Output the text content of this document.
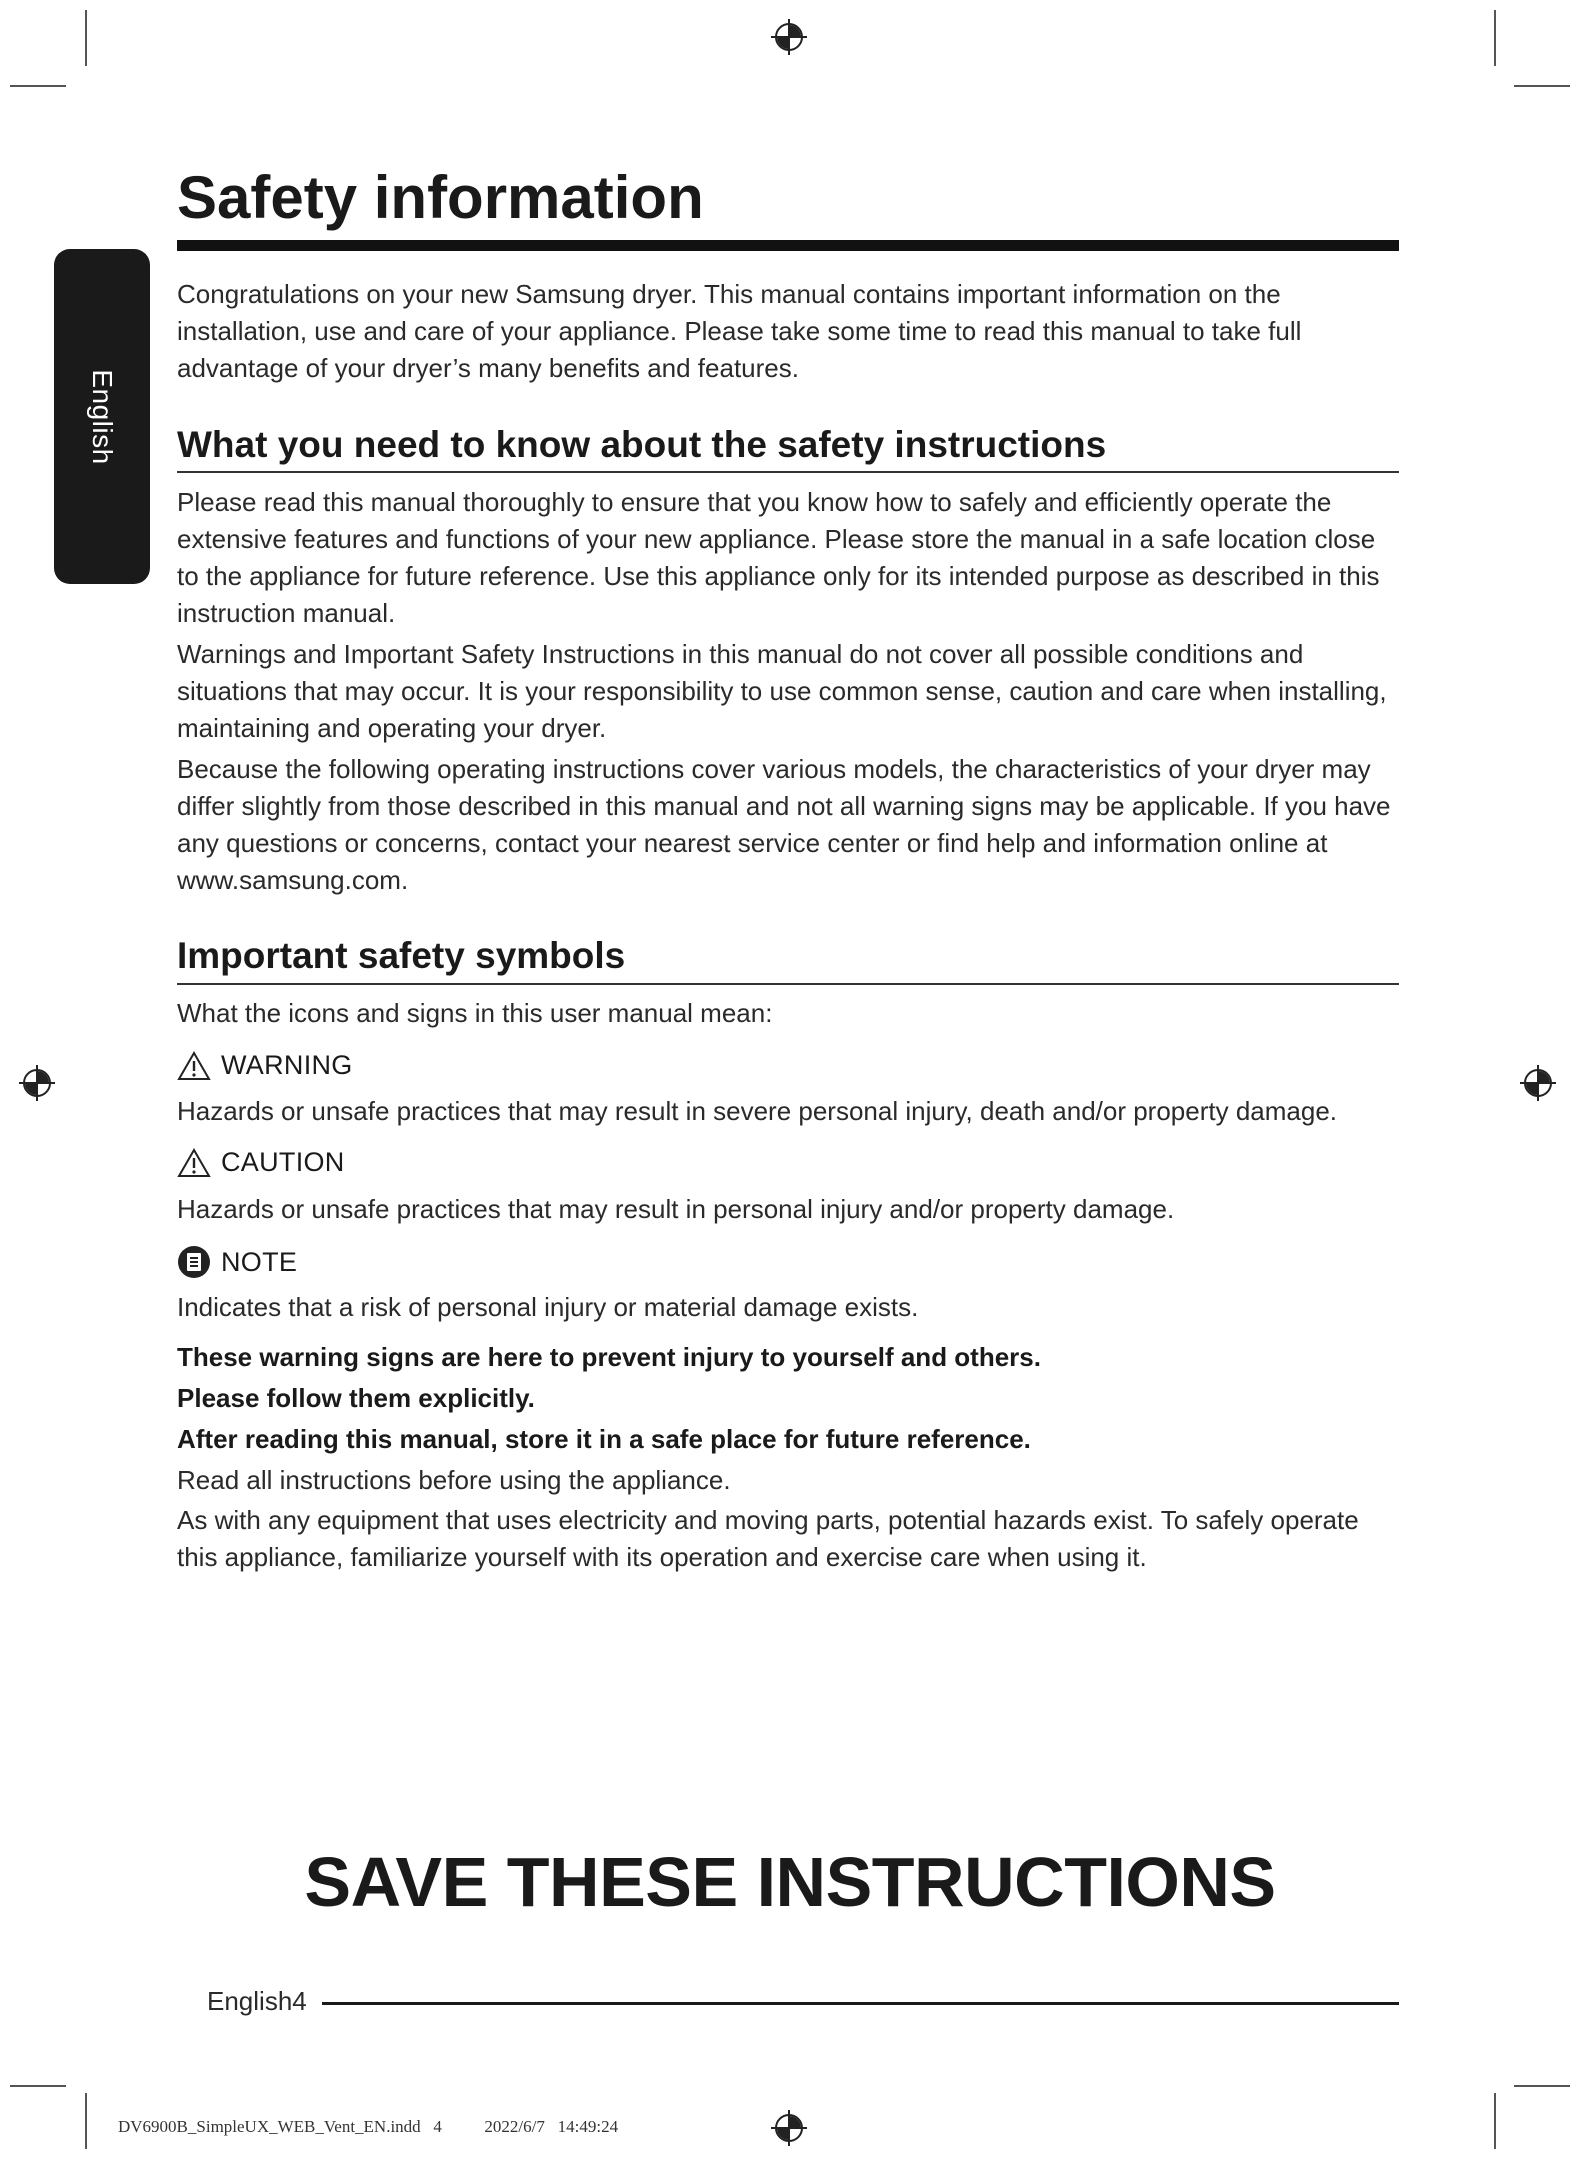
English
Safety information

Congratulations on your new Samsung dryer. This manual contains important information on the installation, use and care of your appliance. Please take some time to read this manual to take full advantage of your dryer’s many benefits and features.

What you need to know about the safety instructions

Please read this manual thoroughly to ensure that you know how to safely and efficiently operate the extensive features and functions of your new appliance. Please store the manual in a safe location close to the appliance for future reference. Use this appliance only for its intended purpose as described in this instruction manual.

Warnings and Important Safety Instructions in this manual do not cover all possible conditions and situations that may occur. It is your responsibility to use common sense, caution and care when installing, maintaining and operating your dryer.

Because the following operating instructions cover various models, the characteristics of your dryer may differ slightly from those described in this manual and not all warning signs may be applicable. If you have any questions or concerns, contact your nearest service center or find help and information online at www.samsung.com.

Important safety symbols

What the icons and signs in this user manual mean:

WARNING

Hazards or unsafe practices that may result in severe personal injury, death and/or property damage.

CAUTION

Hazards or unsafe practices that may result in personal injury and/or property damage.

NOTE

Indicates that a risk of personal injury or material damage exists.

These warning signs are here to prevent injury to yourself and others.

Please follow them explicitly.

After reading this manual, store it in a safe place for future reference.

Read all instructions before using the appliance.

As with any equipment that uses electricity and moving parts, potential hazards exist. To safely operate this appliance, familiarize yourself with its operation and exercise care when using it.

SAVE THESE INSTRUCTIONS
English4
DV6900B_SimpleUX_WEB_Vent_EN.indd   4          2022/6/7   14:49:24
